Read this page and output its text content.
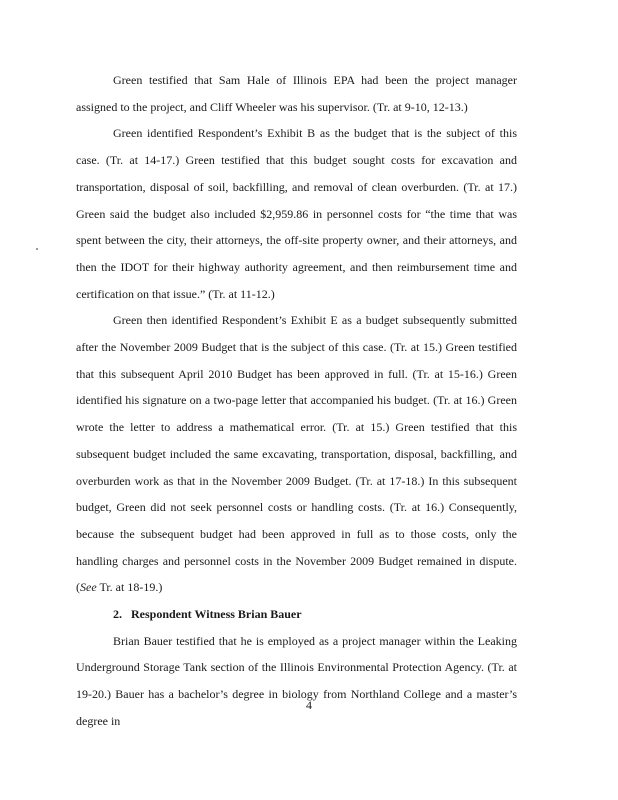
Green testified that Sam Hale of Illinois EPA had been the project manager assigned to the project, and Cliff Wheeler was his supervisor. (Tr. at 9-10, 12-13.)

Green identified Respondent’s Exhibit B as the budget that is the subject of this case. (Tr. at 14-17.) Green testified that this budget sought costs for excavation and transportation, disposal of soil, backfilling, and removal of clean overburden. (Tr. at 17.) Green said the budget also included $2,959.86 in personnel costs for “the time that was spent between the city, their attorneys, the off-site property owner, and their attorneys, and then the IDOT for their highway authority agreement, and then reimbursement time and certification on that issue.” (Tr. at 11-12.)

Green then identified Respondent’s Exhibit E as a budget subsequently submitted after the November 2009 Budget that is the subject of this case. (Tr. at 15.) Green testified that this subsequent April 2010 Budget has been approved in full. (Tr. at 15-16.) Green identified his signature on a two-page letter that accompanied his budget. (Tr. at 16.) Green wrote the letter to address a mathematical error. (Tr. at 15.) Green testified that this subsequent budget included the same excavating, transportation, disposal, backfilling, and overburden work as that in the November 2009 Budget. (Tr. at 17-18.) In this subsequent budget, Green did not seek personnel costs or handling costs. (Tr. at 16.) Consequently, because the subsequent budget had been approved in full as to those costs, only the handling charges and personnel costs in the November 2009 Budget remained in dispute. (See Tr. at 18-19.)

2. Respondent Witness Brian Bauer

Brian Bauer testified that he is employed as a project manager within the Leaking Underground Storage Tank section of the Illinois Environmental Protection Agency. (Tr. at 19-20.) Bauer has a bachelor’s degree in biology from Northland College and a master’s degree in

4
